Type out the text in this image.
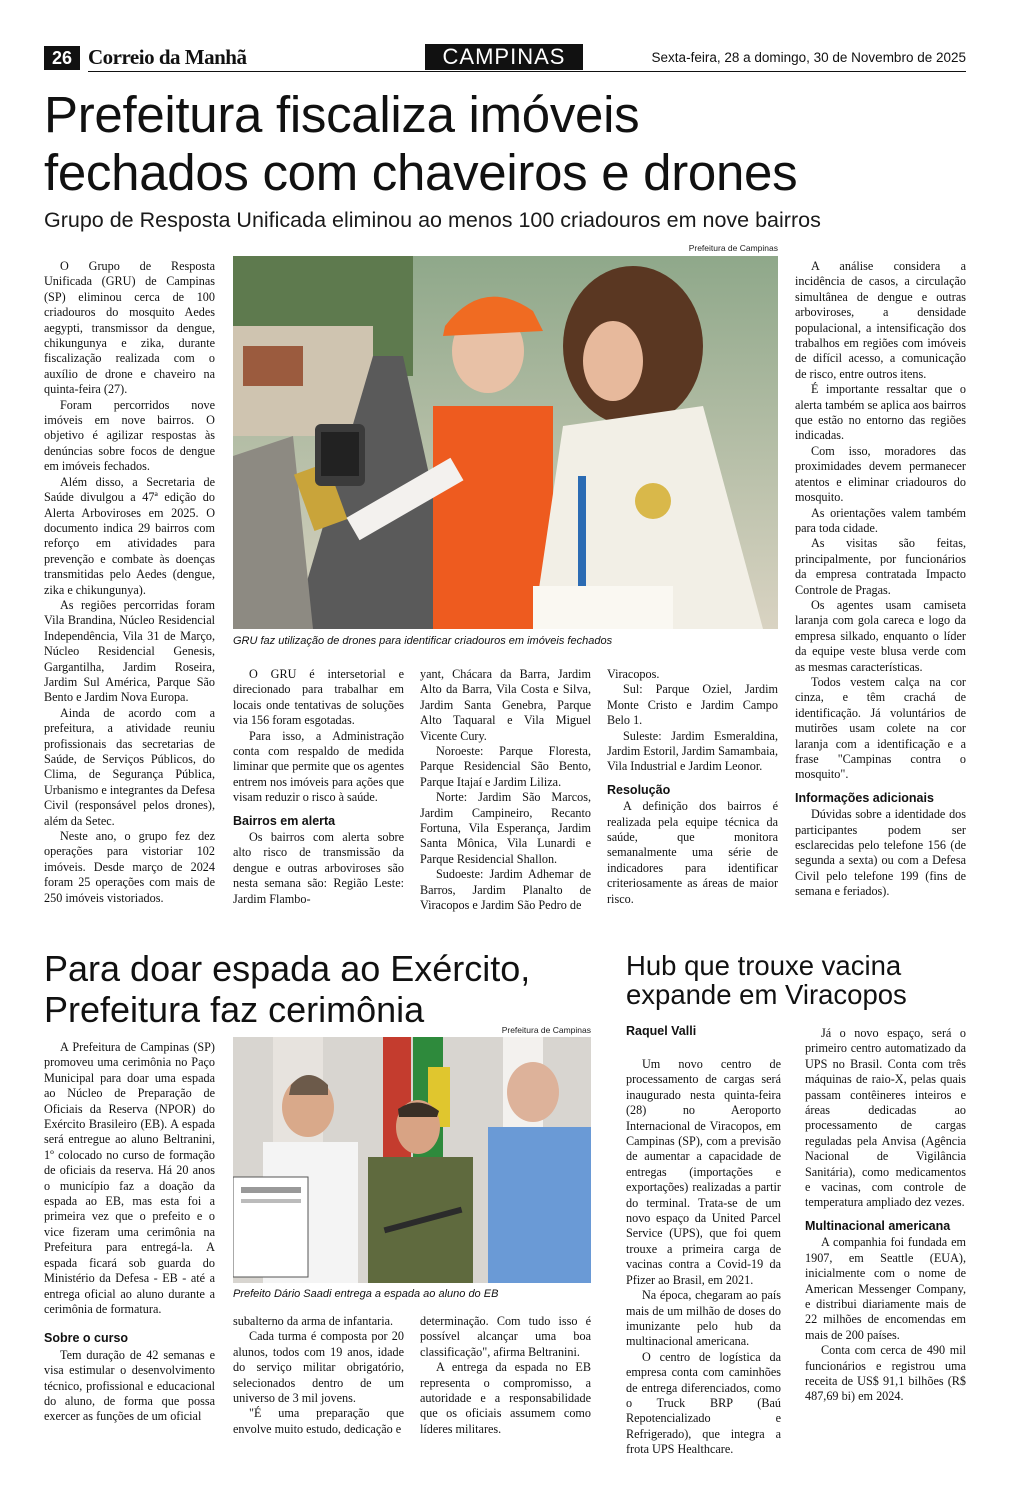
26 Correio da Manhã	CAMPINAS	Sexta-feira, 28 a domingo, 30 de Novembro de 2025
Prefeitura fiscaliza imóveis
fechados com chaveiros e drones
Grupo de Resposta Unificada eliminou ao menos 100 criadouros em nove bairros

O Grupo de Resposta Unificada (GRU) de Campinas (SP) eliminou cerca de 100 criadouros do mosquito Aedes aegypti, transmissor da dengue, chikungunya e zika, durante fiscalização realizada com o auxílio de drone e chaveiro na quinta-feira (27).

Foram percorridos nove imóveis em nove bairros. O objetivo é agilizar respostas às denúncias sobre focos de dengue em imóveis fechados.

Além disso, a Secretaria de Saúde divulgou a 47ª edição do Alerta Arboviroses em 2025. O documento indica 29 bairros com reforço em atividades para prevenção e combate às doenças transmitidas pelo Aedes (dengue, zika e chikungunya).

As regiões percorridas foram Vila Brandina, Núcleo Residencial Independência, Vila 31 de Março, Núcleo Residencial Genesis, Gargantilha, Jardim Roseira, Jardim Sul América, Parque São Bento e Jardim Nova Europa.

Ainda de acordo com a prefeitura, a atividade reuniu profissionais das secretarias de Saúde, de Serviços Públicos, do Clima, de Segurança Pública, Urbanismo e integrantes da Defesa Civil (responsável pelos drones), além da Setec.

Neste ano, o grupo fez dez operações para vistoriar 102 imóveis. Desde março de 2024 foram 25 operações com mais de 250 imóveis vistoriados.

Prefeitura de Campinas
GRU faz utilização de drones para identificar criadouros em imóveis fechados

O GRU é intersetorial e direcionado para trabalhar em locais onde tentativas de soluções via 156 foram esgotadas.

Para isso, a Administração conta com respaldo de medida liminar que permite que os agentes entrem nos imóveis para ações que visam reduzir o risco à saúde.

Bairros em alerta

Os bairros com alerta sobre alto risco de transmissão da dengue e outras arboviroses são nesta semana são: Região Leste: Jardim Flambo-

yant, Chácara da Barra, Jardim Alto da Barra, Vila Costa e Silva, Jardim Santa Genebra, Parque Alto Taquaral e Vila Miguel Vicente Cury.

Noroeste: Parque Floresta, Parque Residencial São Bento, Parque Itajaí e Jardim Liliza.

Norte: Jardim São Marcos, Jardim Campineiro, Recanto Fortuna, Vila Esperança, Jardim Santa Mônica, Vila Lunardi e Parque Residencial Shallon.

Sudoeste: Jardim Adhemar de Barros, Jardim Planalto de Viracopos e Jardim São Pedro de

Viracopos.

Sul: Parque Oziel, Jardim Monte Cristo e Jardim Campo Belo 1.

Suleste: Jardim Esmeraldina, Jardim Estoril, Jardim Samambaia, Vila Industrial e Jardim Leonor.

Resolução

A definição dos bairros é realizada pela equipe técnica da saúde, que monitora semanalmente uma série de indicadores para identificar criteriosamente as áreas de maior risco.

A análise considera a incidência de casos, a circulação simultânea de dengue e outras arboviroses, a densidade populacional, a intensificação dos trabalhos em regiões com imóveis de difícil acesso, a comunicação de risco, entre outros itens.

É importante ressaltar que o alerta também se aplica aos bairros que estão no entorno das regiões indicadas.

Com isso, moradores das proximidades devem permanecer atentos e eliminar criadouros do mosquito.

As orientações valem também para toda cidade.

As visitas são feitas, principalmente, por funcionários da empresa contratada Impacto Controle de Pragas.

Os agentes usam camiseta laranja com gola careca e logo da empresa silkado, enquanto o líder da equipe veste blusa verde com as mesmas características.

Todos vestem calça na cor cinza, e têm crachá de identificação. Já voluntários de mutirões usam colete na cor laranja com a identificação e a frase "Campinas contra o mosquito".

Informações adicionais

Dúvidas sobre a identidade dos participantes podem ser esclarecidas pelo telefone 156 (de segunda a sexta) ou com a Defesa Civil pelo telefone 199 (fins de semana e feriados).

Para doar espada ao Exército,
Prefeitura faz cerimônia

A Prefeitura de Campinas (SP) promoveu uma cerimônia no Paço Municipal para doar uma espada ao Núcleo de Preparação de Oficiais da Reserva (NPOR) do Exército Brasileiro (EB). A espada será entregue ao aluno Beltranini, 1º colocado no curso de formação de oficiais da reserva. Há 20 anos o município faz a doação da espada ao EB, mas esta foi a primeira vez que o prefeito e o vice fizeram uma cerimônia na Prefeitura para entregá-la. A espada ficará sob guarda do Ministério da Defesa - EB - até a entrega oficial ao aluno durante a cerimônia de formatura.

Sobre o curso

Tem duração de 42 semanas e visa estimular o desenvolvimento técnico, profissional e educacional do aluno, de forma que possa exercer as funções de um oficial

Prefeitura de Campinas
Prefeito Dário Saadi entrega a espada ao aluno do EB

subalterno da arma de infantaria.

Cada turma é composta por 20 alunos, todos com 19 anos, idade do serviço militar obrigatório, selecionados dentro de um universo de 3 mil jovens.

"É uma preparação que envolve muito estudo, dedicação e

determinação. Com tudo isso é possível alcançar uma boa classificação", afirma Beltranini.

A entrega da espada no EB representa o compromisso, a autoridade e a responsabilidade que os oficiais assumem como líderes militares.

Hub que trouxe vacina
expande em Viracopos
Raquel Valli

Um novo centro de processamento de cargas será inaugurado nesta quinta-feira (28) no Aeroporto Internacional de Viracopos, em Campinas (SP), com a previsão de aumentar a capacidade de entregas (importações e exportações) realizadas a partir do terminal. Trata-se de um novo espaço da United Parcel Service (UPS), que foi quem trouxe a primeira carga de vacinas contra a Covid-19 da Pfizer ao Brasil, em 2021.

Na época, chegaram ao país mais de um milhão de doses do imunizante pelo hub da multinacional americana.

O centro de logística da empresa conta com caminhões de entrega diferenciados, como o Truck BRP (Baú Repotencializado e Refrigerado), que integra a frota UPS Healthcare.

Já o novo espaço, será o primeiro centro automatizado da UPS no Brasil. Conta com três máquinas de raio-X, pelas quais passam contêineres inteiros e áreas dedicadas ao processamento de cargas reguladas pela Anvisa (Agência Nacional de Vigilância Sanitária), como medicamentos e vacinas, com controle de temperatura ampliado dez vezes.

Multinacional americana

A companhia foi fundada em 1907, em Seattle (EUA), inicialmente com o nome de American Messenger Company, e distribui diariamente mais de 22 milhões de encomendas em mais de 200 países.

Conta com cerca de 490 mil funcionários e registrou uma receita de US$ 91,1 bilhões (R$ 487,69 bi) em 2024.
